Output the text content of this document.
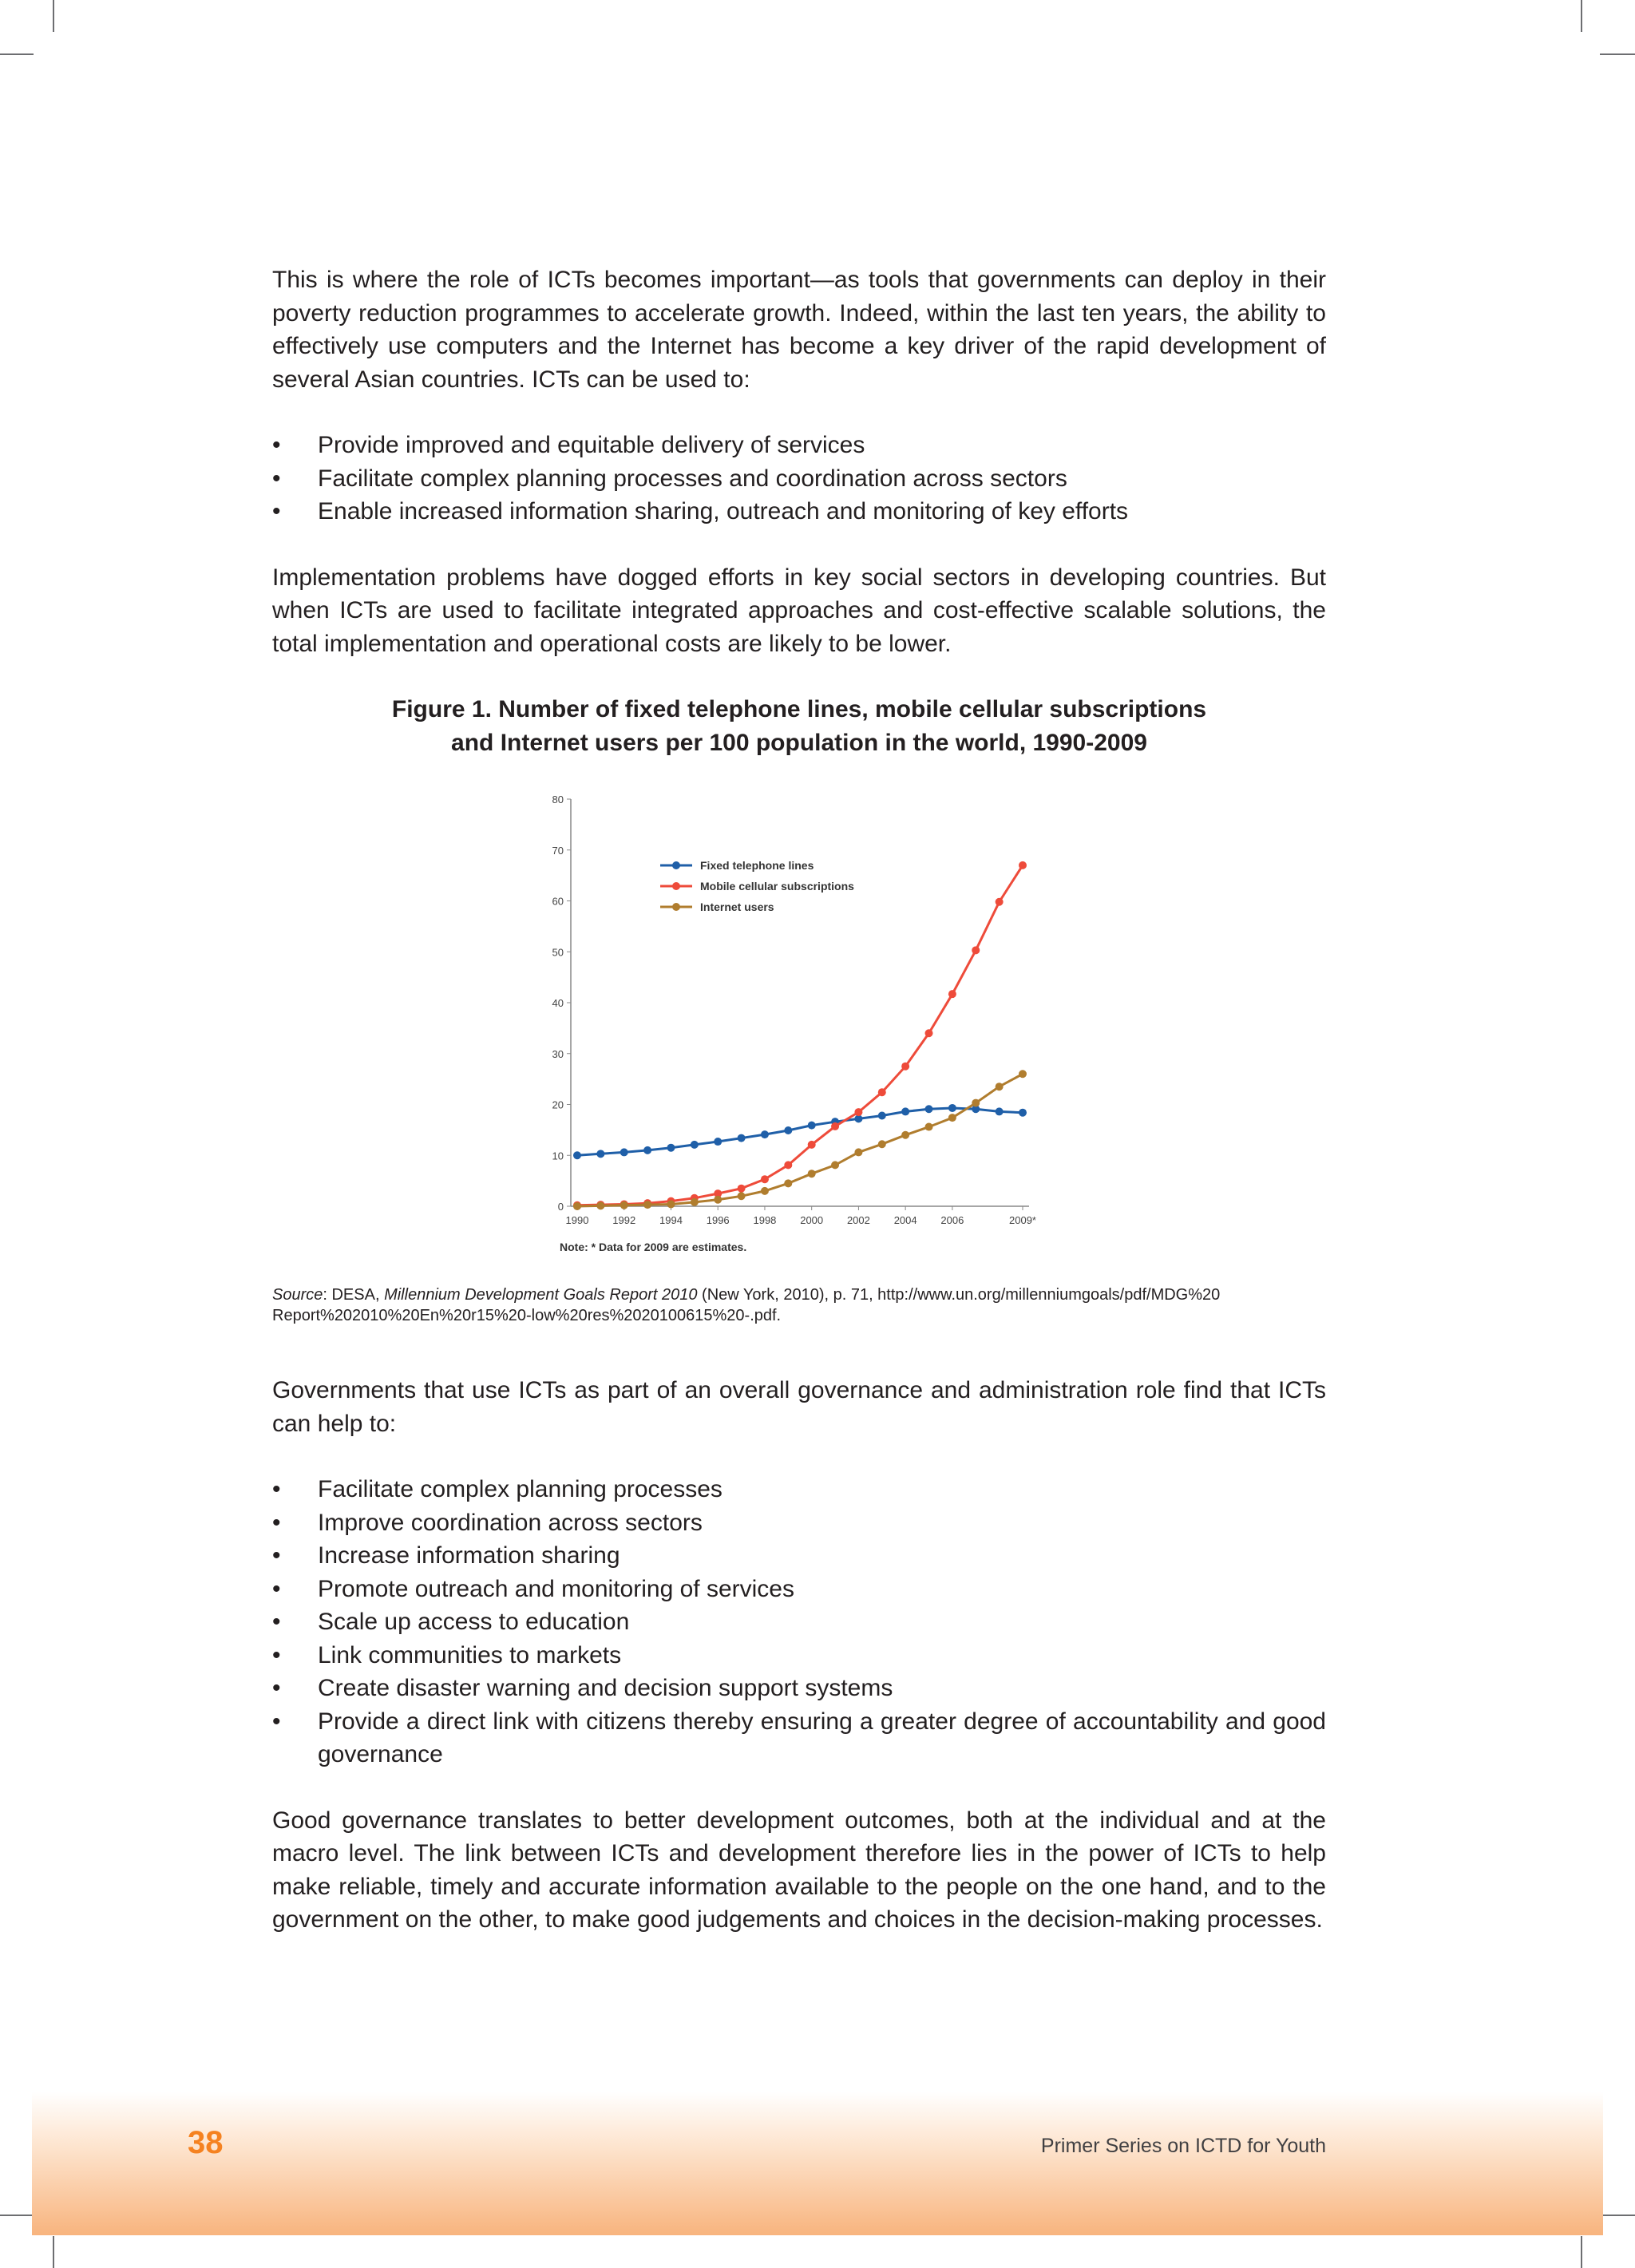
This is where the role of ICTs becomes important—as tools that governments can deploy in their poverty reduction programmes to accelerate growth. Indeed, within the last ten years, the ability to effectively use computers and the Internet has become a key driver of the rapid development of several Asian countries. ICTs can be used to:

• Provide improved and equitable delivery of services
• Facilitate complex planning processes and coordination across sectors
• Enable increased information sharing, outreach and monitoring of key efforts

Implementation problems have dogged efforts in key social sectors in developing countries. But when ICTs are used to facilitate integrated approaches and cost-effective scalable solutions, the total implementation and operational costs are likely to be lower.

Figure 1. Number of fixed telephone lines, mobile cellular subscriptions
and Internet users per 100 population in the world, 1990-2009

0
10
20
30
40
50
60
70
80
1990 1992 1994 1996 1998 2000 2002 2004 2006	2009*
Fixed telephone lines
Mobile cellular subscriptions
Internet users
Note: * Data for 2009 are estimates.

Source: DESA, Millennium Development Goals Report 2010 (New York, 2010), p. 71, http://www.un.org/millenniumgoals/pdf/MDG%20 Report%202010%20En%20r15%20-low%20res%2020100615%20-.pdf.

Governments that use ICTs as part of an overall governance and administration role find that ICTs can help to:

• Facilitate complex planning processes
• Improve coordination across sectors
• Increase information sharing
• Promote outreach and monitoring of services
• Scale up access to education
• Link communities to markets
• Create disaster warning and decision support systems
• Provide a direct link with citizens thereby ensuring a greater degree of accountability and good governance

Good governance translates to better development outcomes, both at the individual and at the macro level. The link between ICTs and development therefore lies in the power of ICTs to help make reliable, timely and accurate information available to the people on the one hand, and to the government on the other, to make good judgements and choices in the decision-making processes.

38	Primer Series on ICTD for Youth
